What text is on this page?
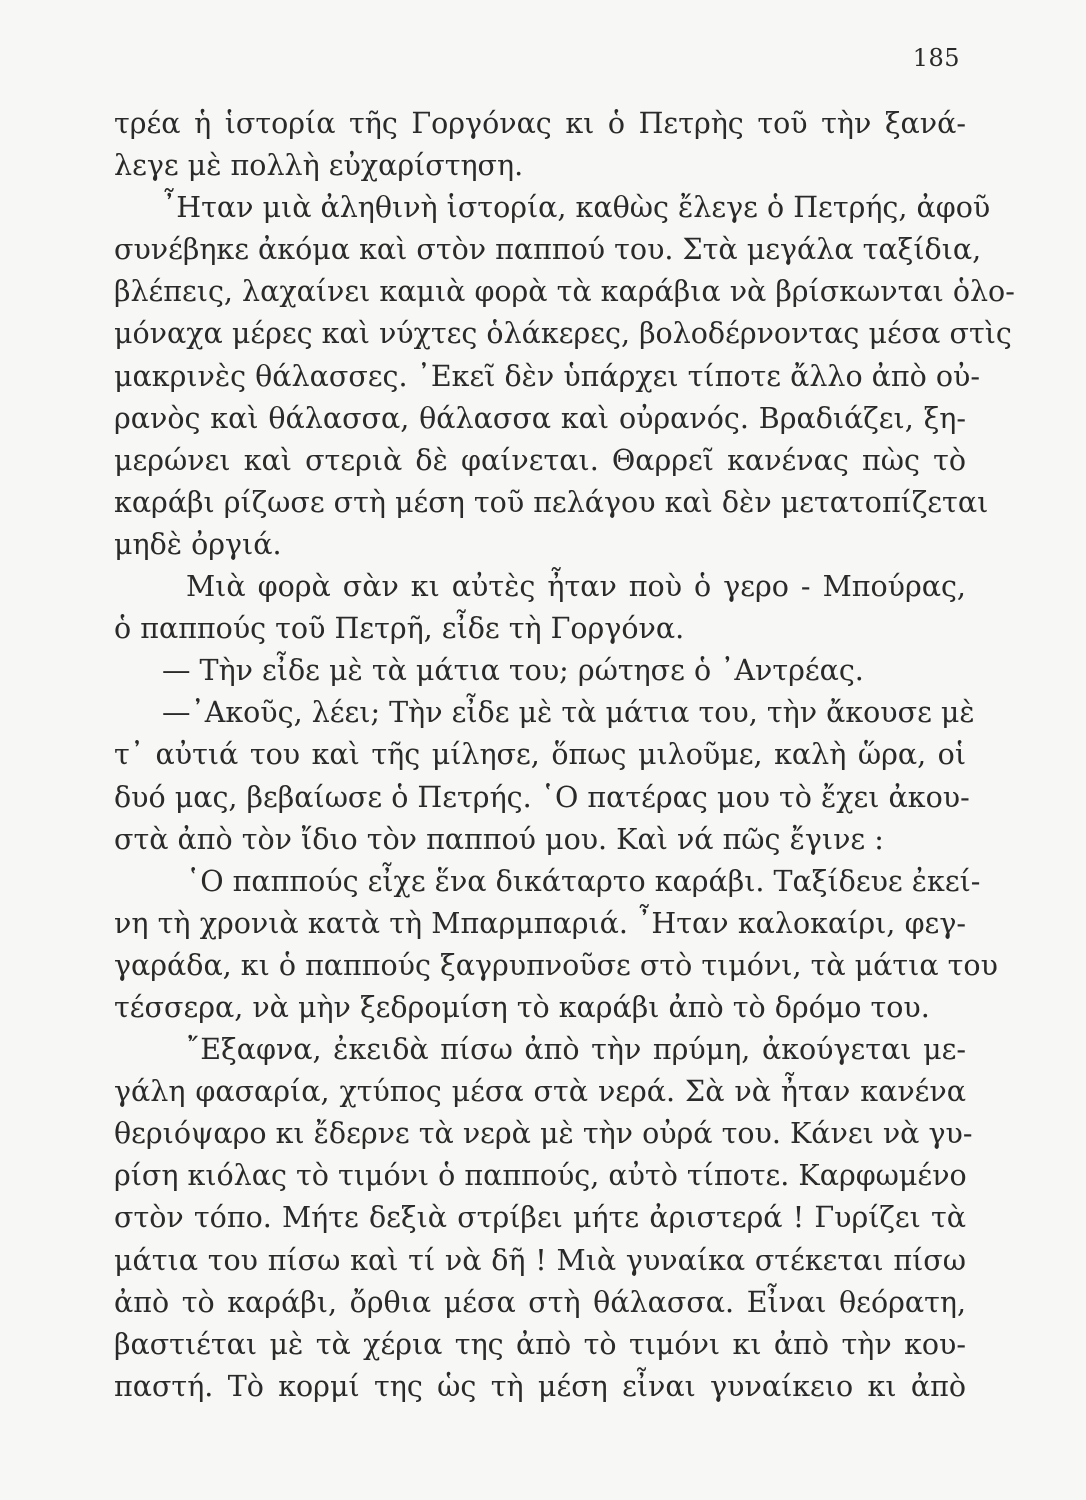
185
τρέα ἡ ἱστορία τῆς Γοργόνας κι ὁ Πετρὴς τοῦ τὴν ξανά-
λεγε μὲ πολλὴ εὐχαρίστηση.
῏Ηταν μιὰ ἀληθινὴ ἱστορία, καθὼς ἔλεγε ὁ Πετρής, ἀφοῦ
συνέβηκε ἀκόμα καὶ στὸν παππού του. Στὰ μεγάλα ταξίδια,
βλέπεις, λαχαίνει καμιὰ φορὰ τὰ καράβια νὰ βρίσκωνται ὁλο-
μόναχα μέρες καὶ νύχτες ὁλάκερες, βολοδέρνοντας μέσα στὶς
μακρινὲς θάλασσες. ᾿Εκεῖ δὲν ὑπάρχει τίποτε ἄλλο ἀπὸ οὐ-
ρανὸς καὶ θάλασσα, θάλασσα καὶ οὐρανός. Βραδιάζει, ξη-
μερώνει καὶ στεριὰ δὲ φαίνεται. Θαρρεῖ κανένας πὼς τὸ
καράβι ρίζωσε στὴ μέση τοῦ πελάγου καὶ δὲν μετατοπίζεται
μηδὲ ὀργιά.
Μιὰ φορὰ σὰν κι αὐτὲς ἦταν ποὺ ὁ γερο - Μπούρας,
ὁ παππούς τοῦ Πετρῆ, εἶδε τὴ Γοργόνα.
— Τὴν εἶδε μὲ τὰ μάτια του; ρώτησε ὁ ᾿Αντρέας.
—᾿Ακοῦς, λέει; Τὴν εἶδε μὲ τὰ μάτια του, τὴν ἄκουσε μὲ
τ᾿ αὐτιά του καὶ τῆς μίλησε, ὅπως μιλοῦμε, καλὴ ὥρα, οἱ
δυό μας, βεβαίωσε ὁ Πετρής. ῾Ο πατέρας μου τὸ ἔχει ἀκου-
στὰ ἀπὸ τὸν ἴδιο τὸν παππού μου. Καὶ νά πῶς ἔγινε :
῾Ο παππούς εἶχε ἕνα δικάταρτο καράβι. Ταξίδευε ἐκεί-
νη τὴ χρονιὰ κατὰ τὴ Μπαρμπαριά. ῏Ηταν καλοκαίρι, φεγ-
γαράδα, κι ὁ παππούς ξαγρυπνοῦσε στὸ τιμόνι, τὰ μάτια του
τέσσερα, νὰ μὴν ξεδρομίση τὸ καράβι ἀπὸ τὸ δρόμο του.
῎Εξαφνα, ἐκειδὰ πίσω ἀπὸ τὴν πρύμη, ἀκούγεται με-
γάλη φασαρία, χτύπος μέσα στὰ νερά. Σὰ νὰ ἦταν κανένα
θεριόψαρο κι ἔδερνε τὰ νερὰ μὲ τὴν οὐρά του. Κάνει νὰ γυ-
ρίση κιόλας τὸ τιμόνι ὁ παππούς, αὐτὸ τίποτε. Καρφωμένο
στὸν τόπο. Μήτε δεξιὰ στρίβει μήτε ἀριστερά ! Γυρίζει τὰ
μάτια του πίσω καὶ τί νὰ δῆ ! Μιὰ γυναίκα στέκεται πίσω
ἀπὸ τὸ καράβι, ὄρθια μέσα στὴ θάλασσα. Εἶναι θεόρατη,
βαστιέται μὲ τὰ χέρια της ἀπὸ τὸ τιμόνι κι ἀπὸ τὴν κου-
παστή. Τὸ κορμί της ὡς τὴ μέση εἶναι γυναίκειο κι ἀπὸ
